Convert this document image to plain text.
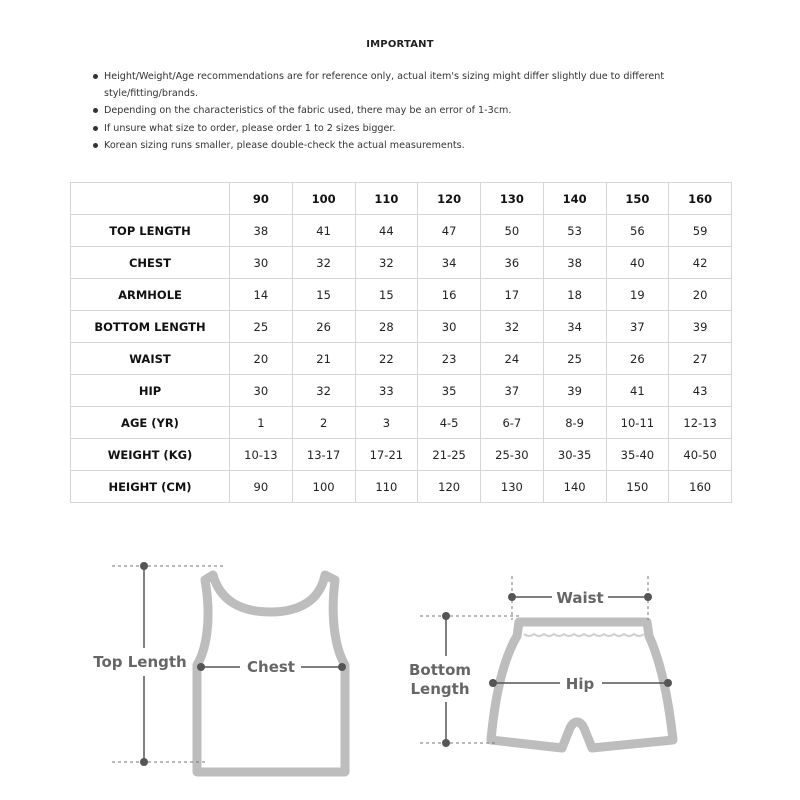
IMPORTANT
Height/Weight/Age recommendations are for reference only, actual item's sizing might differ slightly due to different style/fitting/brands.
Depending on the characteristics of the fabric used, there may be an error of 1-3cm.
If unsure what size to order, please order 1 to 2 sizes bigger.
Korean sizing runs smaller, please double-check the actual measurements.
	90	100	110	120	130	140	150	160
TOP LENGTH	38	41	44	47	50	53	56	59
CHEST	30	32	32	34	36	38	40	42
ARMHOLE	14	15	15	16	17	18	19	20
BOTTOM LENGTH	25	26	28	30	32	34	37	39
WAIST	20	21	22	23	24	25	26	27
HIP	30	32	33	35	37	39	41	43
AGE (YR)	1	2	3	4-5	6-7	8-9	10-11	12-13
WEIGHT (KG)	10-13	13-17	17-21	21-25	25-30	30-35	35-40	40-50
HEIGHT (CM)	90	100	110	120	130	140	150	160
Top Length	Chest
Waist
Bottom
Length	Hip
